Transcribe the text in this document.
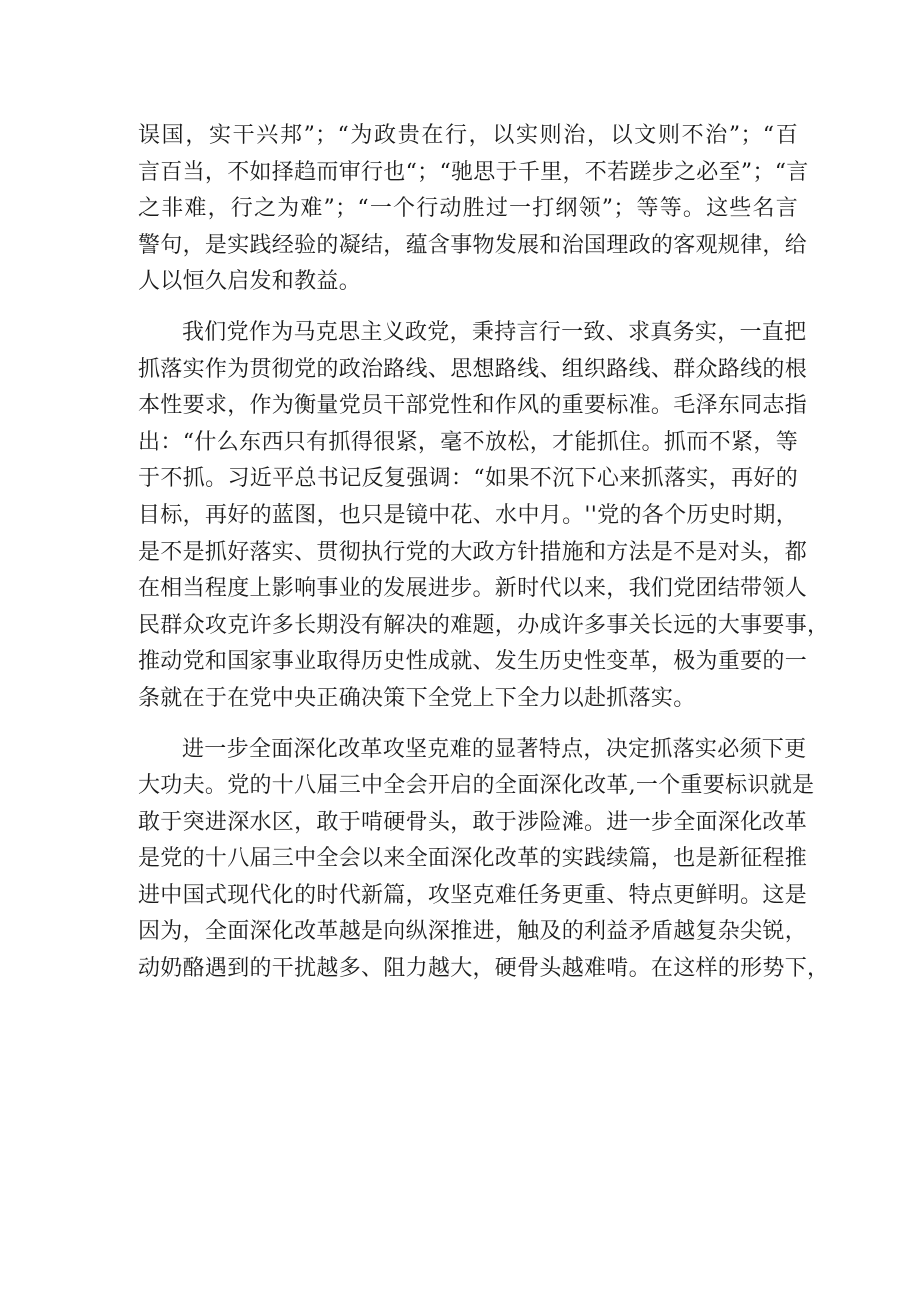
误国，实干兴邦”；“为政贵在行，以实则治，以文则不治”；“百
言百当，不如择趋而审行也“；“驰思于千里，不若蹉步之必至”；“言
之非难，行之为难”；“一个行动胜过一打纲领”；等等。这些名言
警句，是实践经验的凝结，蕴含事物发展和治国理政的客观规律，给
人以恒久启发和教益。
我们党作为马克思主义政党，秉持言行一致、求真务实，一直把
抓落实作为贯彻党的政治路线、思想路线、组织路线、群众路线的根
本性要求，作为衡量党员干部党性和作风的重要标准。毛泽东同志指
出：“什么东西只有抓得很紧，毫不放松，才能抓住。抓而不紧，等
于不抓。习近平总书记反复强调：“如果不沉下心来抓落实，再好的
目标，再好的蓝图，也只是镜中花、水中月。''党的各个历史时期，
是不是抓好落实、贯彻执行党的大政方针措施和方法是不是对头，都
在相当程度上影响事业的发展进步。新时代以来，我们党团结带领人
民群众攻克许多长期没有解决的难题，办成许多事关长远的大事要事，
推动党和国家事业取得历史性成就、发生历史性变革，极为重要的一
条就在于在党中央正确决策下全党上下全力以赴抓落实。
进一步全面深化改革攻坚克难的显著特点，决定抓落实必须下更
大功夫。党的十八届三中全会开启的全面深化改革,一个重要标识就是
敢于突进深水区，敢于啃硬骨头，敢于涉险滩。进一步全面深化改革
是党的十八届三中全会以来全面深化改革的实践续篇，也是新征程推
进中国式现代化的时代新篇，攻坚克难任务更重、特点更鲜明。这是
因为，全面深化改革越是向纵深推进，触及的利益矛盾越复杂尖锐，
动奶酪遇到的干扰越多、阻力越大，硬骨头越难啃。在这样的形势下，
